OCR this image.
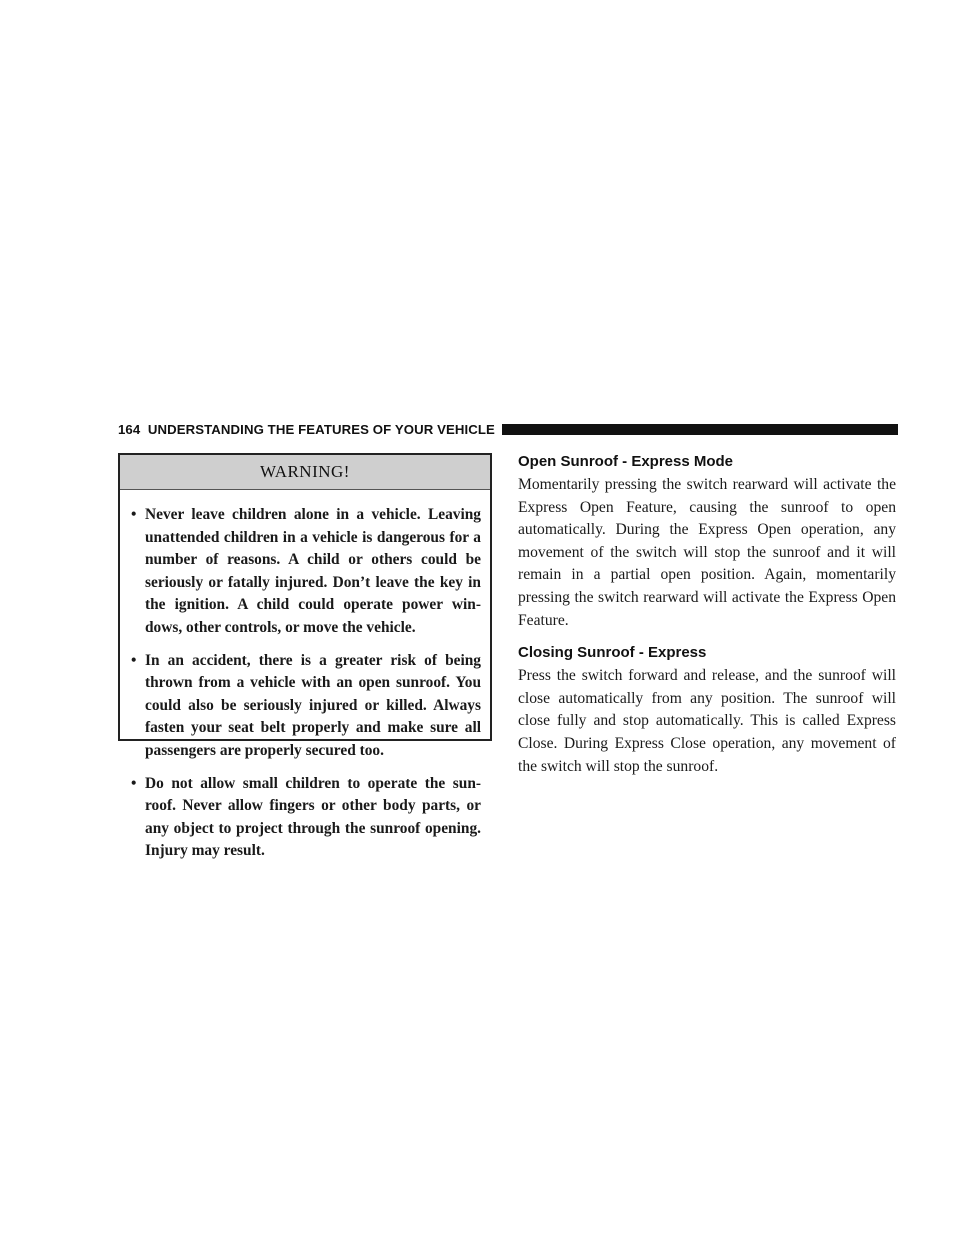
164 UNDERSTANDING THE FEATURES OF YOUR VEHICLE
WARNING!
• Never leave children alone in a vehicle. Leaving unattended children in a vehicle is dangerous for a number of reasons. A child or others could be seriously or fatally injured. Don’t leave the key in the ignition. A child could operate power win-dows, other controls, or move the vehicle.
• In an accident, there is a greater risk of being thrown from a vehicle with an open sunroof. You could also be seriously injured or killed. Always fasten your seat belt properly and make sure all passengers are properly secured too.
• Do not allow small children to operate the sun-roof. Never allow fingers or other body parts, or any object to project through the sunroof opening. Injury may result.
Open Sunroof - Express Mode

Momentarily pressing the switch rearward will activate the Express Open Feature, causing the sunroof to open automatically. During the Express Open operation, any movement of the switch will stop the sunroof and it will remain in a partial open position. Again, momentarily pressing the switch rearward will activate the Express Open Feature.

Closing Sunroof - Express

Press the switch forward and release, and the sunroof will close automatically from any position. The sunroof will close fully and stop automatically. This is called Express Close. During Express Close operation, any movement of the switch will stop the sunroof.
